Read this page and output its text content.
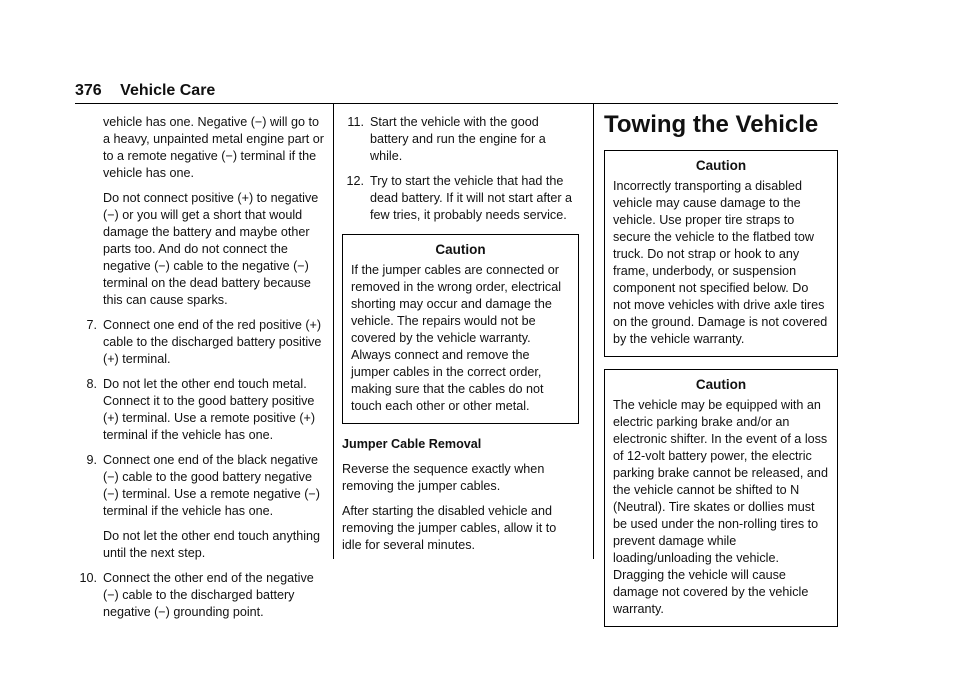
376 Vehicle Care

vehicle has one. Negative (−) will go to a heavy, unpainted metal engine part or to a remote negative (−) terminal if the vehicle has one.

Do not connect positive (+) to negative (−) or you will get a short that would damage the battery and maybe other parts too. And do not connect the negative (−) cable to the negative (−) terminal on the dead battery because this can cause sparks.

7. Connect one end of the red positive (+) cable to the discharged battery positive (+) terminal.

8. Do not let the other end touch metal. Connect it to the good battery positive (+) terminal. Use a remote positive (+) terminal if the vehicle has one.

9. Connect one end of the black negative (−) cable to the good battery negative (−) terminal. Use a remote negative (−) terminal if the vehicle has one.

Do not let the other end touch anything until the next step.

10. Connect the other end of the negative (−) cable to the discharged battery negative (−) grounding point.

11. Start the vehicle with the good battery and run the engine for a while.

12. Try to start the vehicle that had the dead battery. If it will not start after a few tries, it probably needs service.

Caution

If the jumper cables are connected or removed in the wrong order, electrical shorting may occur and damage the vehicle. The repairs would not be covered by the vehicle warranty. Always connect and remove the jumper cables in the correct order, making sure that the cables do not touch each other or other metal.

Jumper Cable Removal

Reverse the sequence exactly when removing the jumper cables.

After starting the disabled vehicle and removing the jumper cables, allow it to idle for several minutes.

Towing the Vehicle
Caution

Incorrectly transporting a disabled vehicle may cause damage to the vehicle. Use proper tire straps to secure the vehicle to the flatbed tow truck. Do not strap or hook to any frame, underbody, or suspension component not specified below. Do not move vehicles with drive axle tires on the ground. Damage is not covered by the vehicle warranty.

Caution

The vehicle may be equipped with an electric parking brake and/or an electronic shifter. In the event of a loss of 12-volt battery power, the electric parking brake cannot be released, and the vehicle cannot be shifted to N (Neutral). Tire skates or dollies must be used under the non-rolling tires to prevent damage while loading/unloading the vehicle. Dragging the vehicle will cause damage not covered by the vehicle warranty.
